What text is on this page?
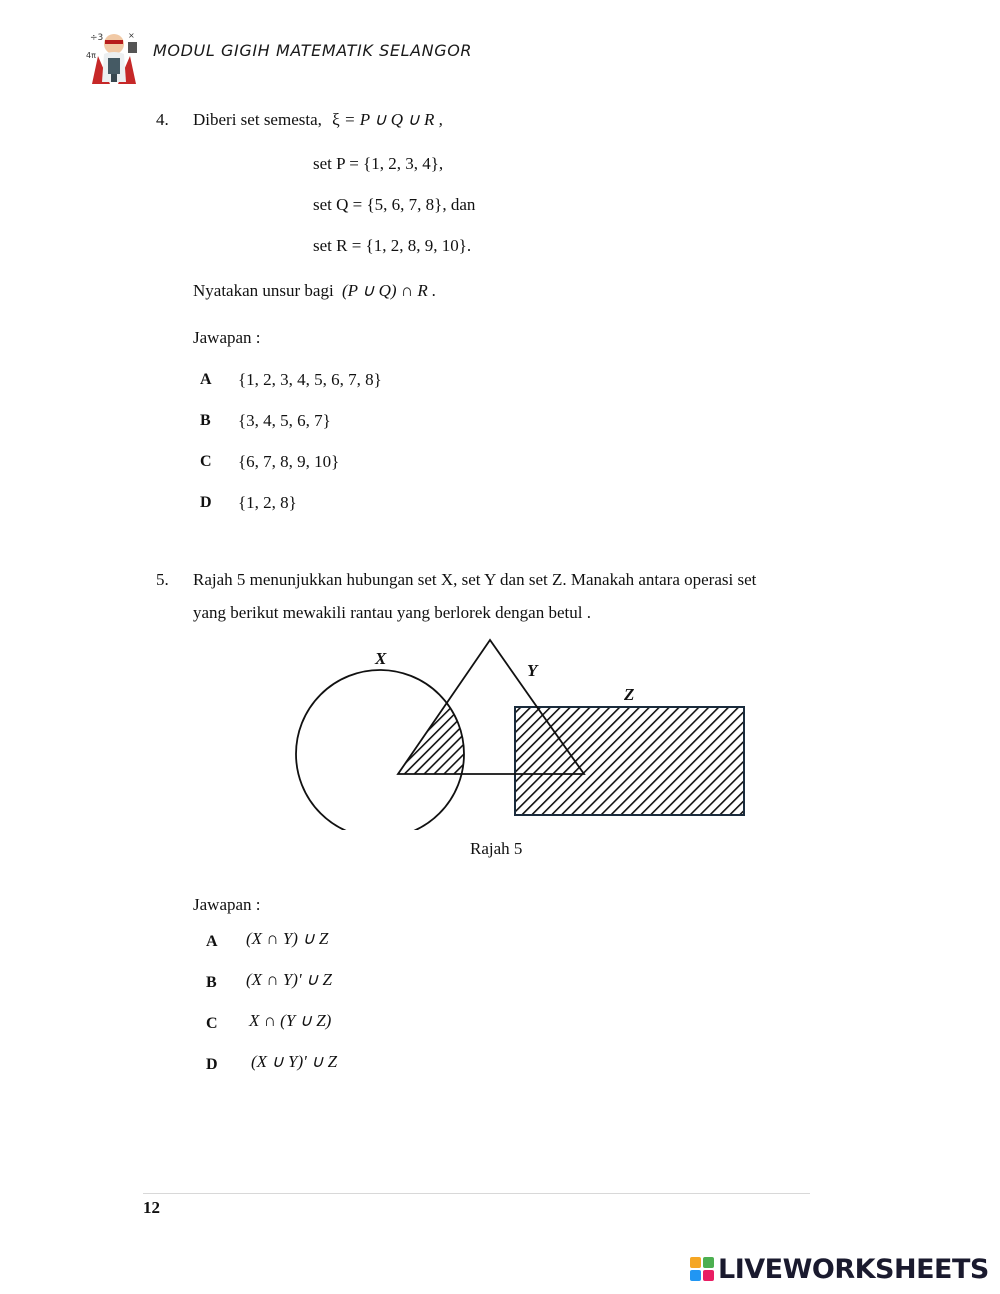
÷3	×
4π	MODUL GIGIH MATEMATIK SELANGOR
4. Diberi set semesta, ξ = P ∪ Q ∪ R ,
set P = {1, 2, 3, 4},
set Q = {5, 6, 7, 8}, dan
set R = {1, 2, 8, 9, 10}.
Nyatakan unsur bagi (P ∪ Q) ∩ R .
Jawapan :
A {1, 2, 3, 4, 5, 6, 7, 8}
B {3, 4, 5, 6, 7}
C {6, 7, 8, 9, 10}
D {1, 2, 8}
5. Rajah 5 menunjukkan hubungan set X, set Y dan set Z. Manakah antara operasi set
yang berikut mewakili rantau yang berlorek dengan betul .
X
Y
Z
Rajah 5
Jawapan :
A (X ∩ Y) ∪ Z
B (X ∩ Y)' ∪ Z
C X ∩ (Y ∪ Z)
D (X ∪ Y)' ∪ Z
12
LIVEWORKSHEETS
